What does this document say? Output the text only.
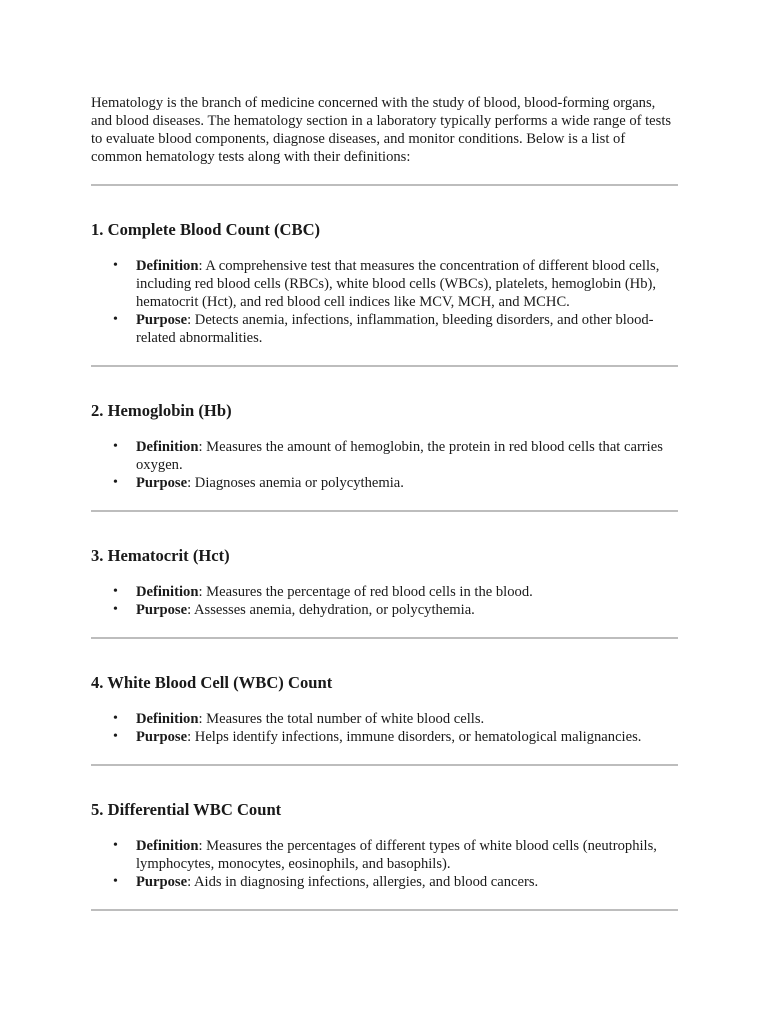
Hematology is the branch of medicine concerned with the study of blood, blood-forming organs, and blood diseases. The hematology section in a laboratory typically performs a wide range of tests to evaluate blood components, diagnose diseases, and monitor conditions. Below is a list of common hematology tests along with their definitions:

1. Complete Blood Count (CBC)
• Definition: A comprehensive test that measures the concentration of different blood cells, including red blood cells (RBCs), white blood cells (WBCs), platelets, hemoglobin (Hb), hematocrit (Hct), and red blood cell indices like MCV, MCH, and MCHC.
• Purpose: Detects anemia, infections, inflammation, bleeding disorders, and other blood-related abnormalities.
2. Hemoglobin (Hb)
• Definition: Measures the amount of hemoglobin, the protein in red blood cells that carries oxygen.
• Purpose: Diagnoses anemia or polycythemia.
3. Hematocrit (Hct)
• Definition: Measures the percentage of red blood cells in the blood.
• Purpose: Assesses anemia, dehydration, or polycythemia.
4. White Blood Cell (WBC) Count
• Definition: Measures the total number of white blood cells.
• Purpose: Helps identify infections, immune disorders, or hematological malignancies.
5. Differential WBC Count
• Definition: Measures the percentages of different types of white blood cells (neutrophils, lymphocytes, monocytes, eosinophils, and basophils).
• Purpose: Aids in diagnosing infections, allergies, and blood cancers.
